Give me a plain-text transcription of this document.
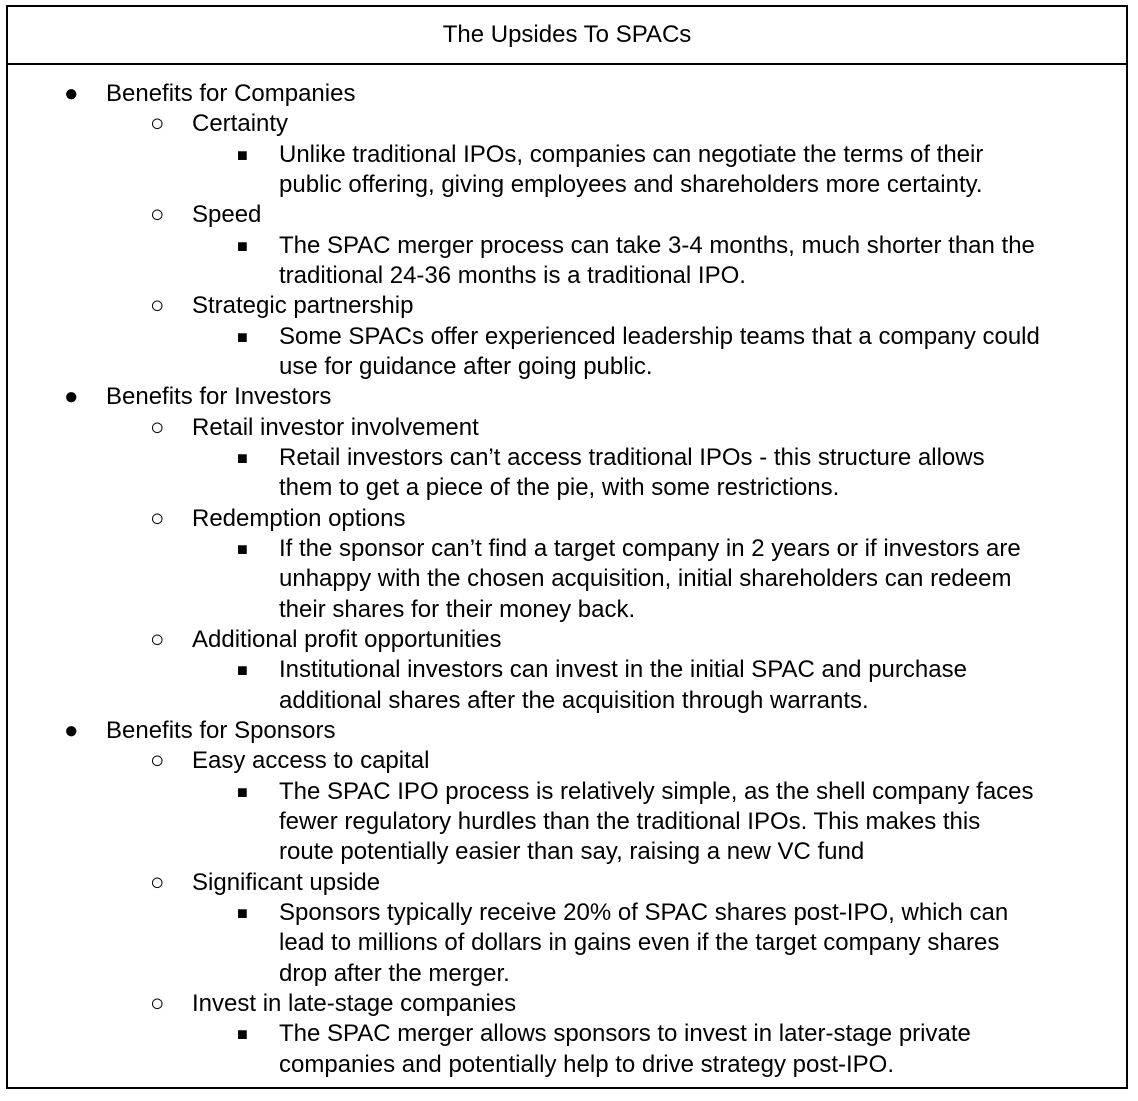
The Upsides To SPACs
● Benefits for Companies
○ Certainty
■ Unlike traditional IPOs, companies can negotiate the terms of their
public offering, giving employees and shareholders more certainty.
○ Speed
■ The SPAC merger process can take 3-4 months, much shorter than the
traditional 24-36 months is a traditional IPO.
○ Strategic partnership
■ Some SPACs offer experienced leadership teams that a company could
use for guidance after going public.
● Benefits for Investors
○ Retail investor involvement
■ Retail investors can’t access traditional IPOs - this structure allows
them to get a piece of the pie, with some restrictions.
○ Redemption options
■ If the sponsor can’t find a target company in 2 years or if investors are
unhappy with the chosen acquisition, initial shareholders can redeem
their shares for their money back.
○ Additional profit opportunities
■ Institutional investors can invest in the initial SPAC and purchase
additional shares after the acquisition through warrants.
● Benefits for Sponsors
○ Easy access to capital
■ The SPAC IPO process is relatively simple, as the shell company faces
fewer regulatory hurdles than the traditional IPOs. This makes this
route potentially easier than say, raising a new VC fund
○ Significant upside
■ Sponsors typically receive 20% of SPAC shares post-IPO, which can
lead to millions of dollars in gains even if the target company shares
drop after the merger.
○ Invest in late-stage companies
■ The SPAC merger allows sponsors to invest in later-stage private
companies and potentially help to drive strategy post-IPO.
